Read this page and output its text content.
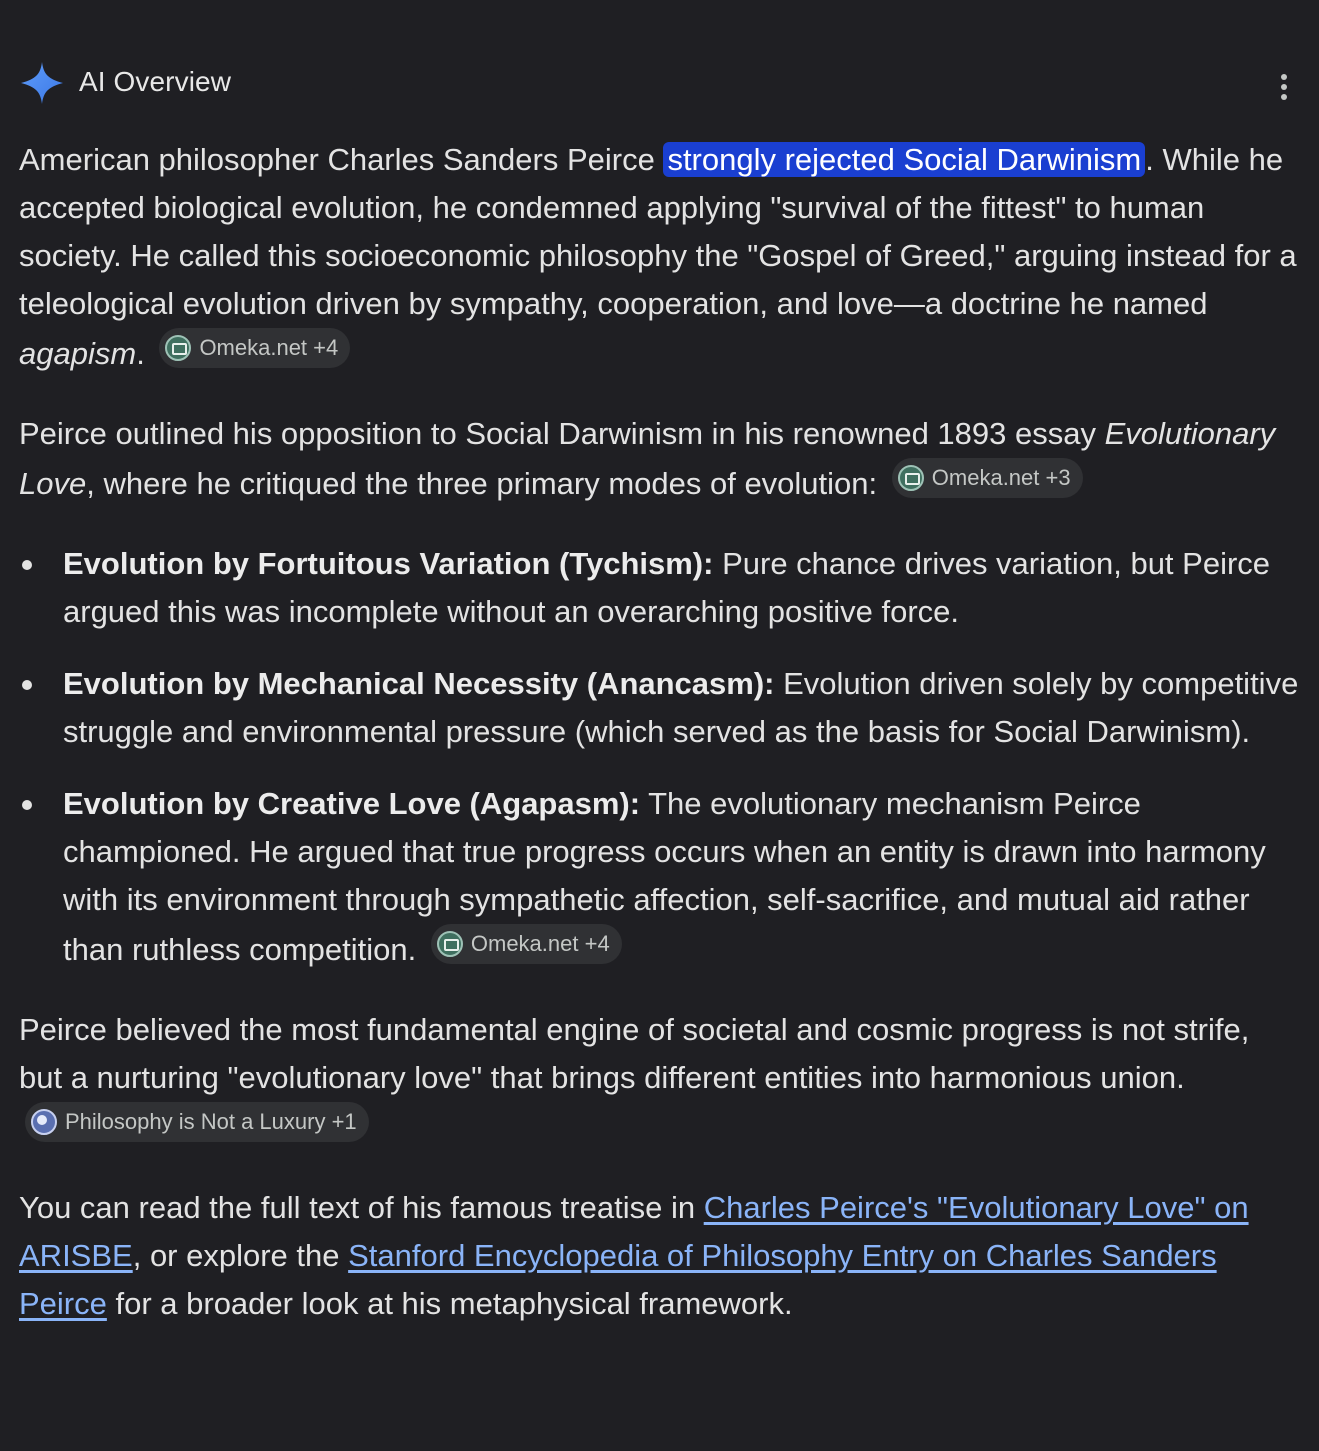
AI Overview

American philosopher Charles Sanders Peirce strongly rejected Social Darwinism . While he accepted biological evolution, he condemned applying "survival of the fittest" to human society. He called this socioeconomic philosophy the "Gospel of Greed," arguing instead for a teleological evolution driven by sympathy, cooperation, and love—a doctrine he named agapism. Omeka.net +4

Peirce outlined his opposition to Social Darwinism in his renowned 1893 essay Evolutionary Love, where he critiqued the three primary modes of evolution: Omeka.net +3

Evolution by Fortuitous Variation (Tychism): Pure chance drives variation, but Peirce argued this was incomplete without an overarching positive force.
Evolution by Mechanical Necessity (Anancasm): Evolution driven solely by competitive struggle and environmental pressure (which served as the basis for Social Darwinism).
Evolution by Creative Love (Agapasm): The evolutionary mechanism Peirce championed. He argued that true progress occurs when an entity is drawn into harmony with its environment through sympathetic affection, self-sacrifice, and mutual aid rather than ruthless competition. Omeka.net +4

Peirce believed the most fundamental engine of societal and cosmic progress is not strife, but a nurturing "evolutionary love" that brings different entities into harmonious union.
Philosophy is Not a Luxury +1

You can read the full text of his famous treatise in Charles Peirce's "Evolutionary Love" on ARISBE, or explore the Stanford Encyclopedia of Philosophy Entry on Charles Sanders Peirce for a broader look at his metaphysical framework.
